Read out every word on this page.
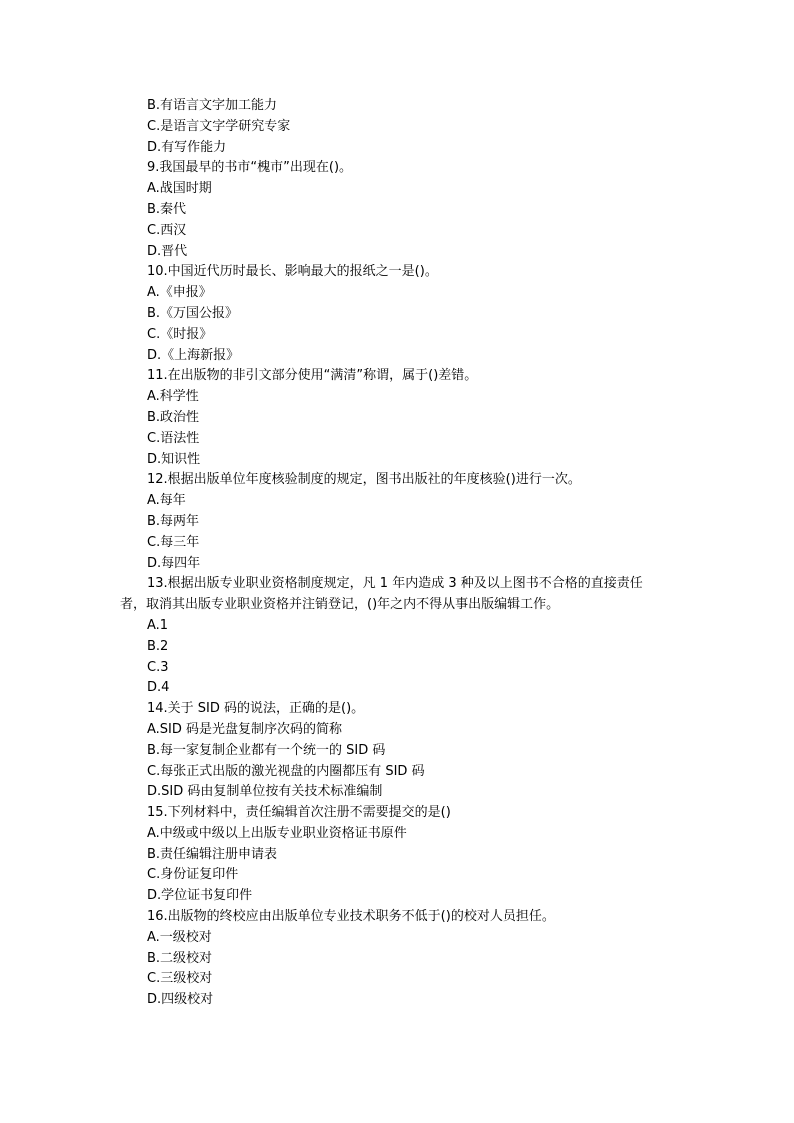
B.有语言文字加工能力
C.是语言文字学研究专家
D.有写作能力
9.我国最早的书市“槐市”出现在()。
A.战国时期
B.秦代
C.西汉
D.晋代
10.中国近代历时最长、影响最大的报纸之一是()。
A.《申报》
B.《万国公报》
C.《时报》
D.《上海新报》
11.在出版物的非引文部分使用“满清”称谓，属于()差错。
A.科学性
B.政治性
C.语法性
D.知识性
12.根据出版单位年度核验制度的规定，图书出版社的年度核验()进行一次。
A.每年
B.每两年
C.每三年
D.每四年
13.根据出版专业职业资格制度规定，凡 1 年内造成 3 种及以上图书不合格的直接责任者，取消其出版专业职业资格并注销登记，()年之内不得从事出版编辑工作。
A.1
B.2
C.3
D.4
14.关于 SID 码的说法，正确的是()。
A.SID 码是光盘复制序次码的简称
B.每一家复制企业都有一个统一的 SID 码
C.每张正式出版的激光视盘的内圈都压有 SID 码
D.SID 码由复制单位按有关技术标准编制
15.下列材料中，责任编辑首次注册不需要提交的是()
A.中级或中级以上出版专业职业资格证书原件
B.责任编辑注册申请表
C.身份证复印件
D.学位证书复印件
16.出版物的终校应由出版单位专业技术职务不低于()的校对人员担任。
A.一级校对
B.二级校对
C.三级校对
D.四级校对
